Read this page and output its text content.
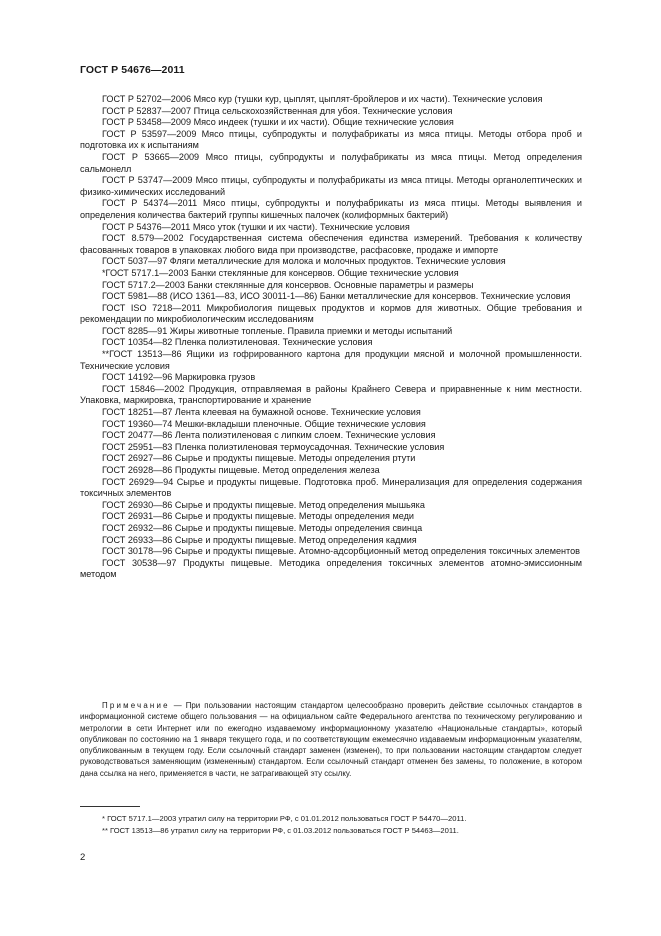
ГОСТ Р 54676—2011

ГОСТ Р 52702—2006 Мясо кур (тушки кур, цыплят, цыплят-бройлеров и их части). Технические условия

ГОСТ Р 52837—2007 Птица сельскохозяйственная для убоя. Технические условия

ГОСТ Р 53458—2009 Мясо индеек (тушки и их части). Общие технические условия

ГОСТ Р 53597—2009 Мясо птицы, субпродукты и полуфабрикаты из мяса птицы. Методы отбора проб и подготовка их к испытаниям

ГОСТ Р 53665—2009 Мясо птицы, субпродукты и полуфабрикаты из мяса птицы. Метод определения сальмонелл

ГОСТ Р 53747—2009 Мясо птицы, субпродукты и полуфабрикаты из мяса птицы. Методы органолептических и физико-химических исследований

ГОСТ Р 54374—2011 Мясо птицы, субпродукты и полуфабрикаты из мяса птицы. Методы выявления и определения количества бактерий группы кишечных палочек (колиформных бактерий)

ГОСТ Р 54376—2011 Мясо уток (тушки и их части). Технические условия

ГОСТ 8.579—2002 Государственная система обеспечения единства измерений. Требования к количеству фасованных товаров в упаковках любого вида при производстве, расфасовке, продаже и импорте

ГОСТ 5037—97 Фляги металлические для молока и молочных продуктов. Технические условия

*ГОСТ 5717.1—2003 Банки стеклянные для консервов. Общие технические условия

ГОСТ 5717.2—2003 Банки стеклянные для консервов. Основные параметры и размеры

ГОСТ 5981—88 (ИСО 1361—83, ИСО 30011-1—86) Банки металлические для консервов. Технические условия

ГОСТ ISO 7218—2011 Микробиология пищевых продуктов и кормов для животных. Общие требования и рекомендации по микробиологическим исследованиям

ГОСТ 8285—91 Жиры животные топленые. Правила приемки и методы испытаний

ГОСТ 10354—82 Пленка полиэтиленовая. Технические условия

**ГОСТ 13513—86 Ящики из гофрированного картона для продукции мясной и молочной промышленности. Технические условия

ГОСТ 14192—96 Маркировка грузов

ГОСТ 15846—2002 Продукция, отправляемая в районы Крайнего Севера и приравненные к ним местности. Упаковка, маркировка, транспортирование и хранение

ГОСТ 18251—87 Лента клеевая на бумажной основе. Технические условия

ГОСТ 19360—74 Мешки-вкладыши пленочные. Общие технические условия

ГОСТ 20477—86 Лента полиэтиленовая с липким слоем. Технические условия

ГОСТ 25951—83 Пленка полиэтиленовая термоусадочная. Технические условия

ГОСТ 26927—86 Сырье и продукты пищевые. Методы определения ртути

ГОСТ 26928—86 Продукты пищевые. Метод определения железа

ГОСТ 26929—94 Сырье и продукты пищевые. Подготовка проб. Минерализация для определения содержания токсичных элементов

ГОСТ 26930—86 Сырье и продукты пищевые. Метод определения мышьяка

ГОСТ 26931—86 Сырье и продукты пищевые. Методы определения меди

ГОСТ 26932—86 Сырье и продукты пищевые. Методы определения свинца

ГОСТ 26933—86 Сырье и продукты пищевые. Метод определения кадмия

ГОСТ 30178—96 Сырье и продукты пищевые. Атомно-адсорбционный метод определения токсичных элементов

ГОСТ 30538—97 Продукты пищевые. Методика определения токсичных элементов атомно-эмиссионным методом

Примечание — При пользовании настоящим стандартом целесообразно проверить действие ссылочных стандартов в информационной системе общего пользования — на официальном сайте Федерального агентства по техническому регулированию и метрологии в сети Интернет или по ежегодно издаваемому информационному указателю «Национальные стандарты», который опубликован по состоянию на 1 января текущего года, и по соответствующим ежемесячно издаваемым информационным указателям, опубликованным в текущем году. Если ссылочный стандарт заменен (изменен), то при пользовании настоящим стандартом следует руководствоваться заменяющим (измененным) стандартом. Если ссылочный стандарт отменен без замены, то положение, в котором дана ссылка на него, применяется в части, не затрагивающей эту ссылку.

* ГОСТ 5717.1—2003 утратил силу на территории РФ, с 01.01.2012 пользоваться ГОСТ Р 54470—2011.
** ГОСТ 13513—86 утратил силу на территории РФ, с 01.03.2012 пользоваться ГОСТ Р 54463—2011.
2
